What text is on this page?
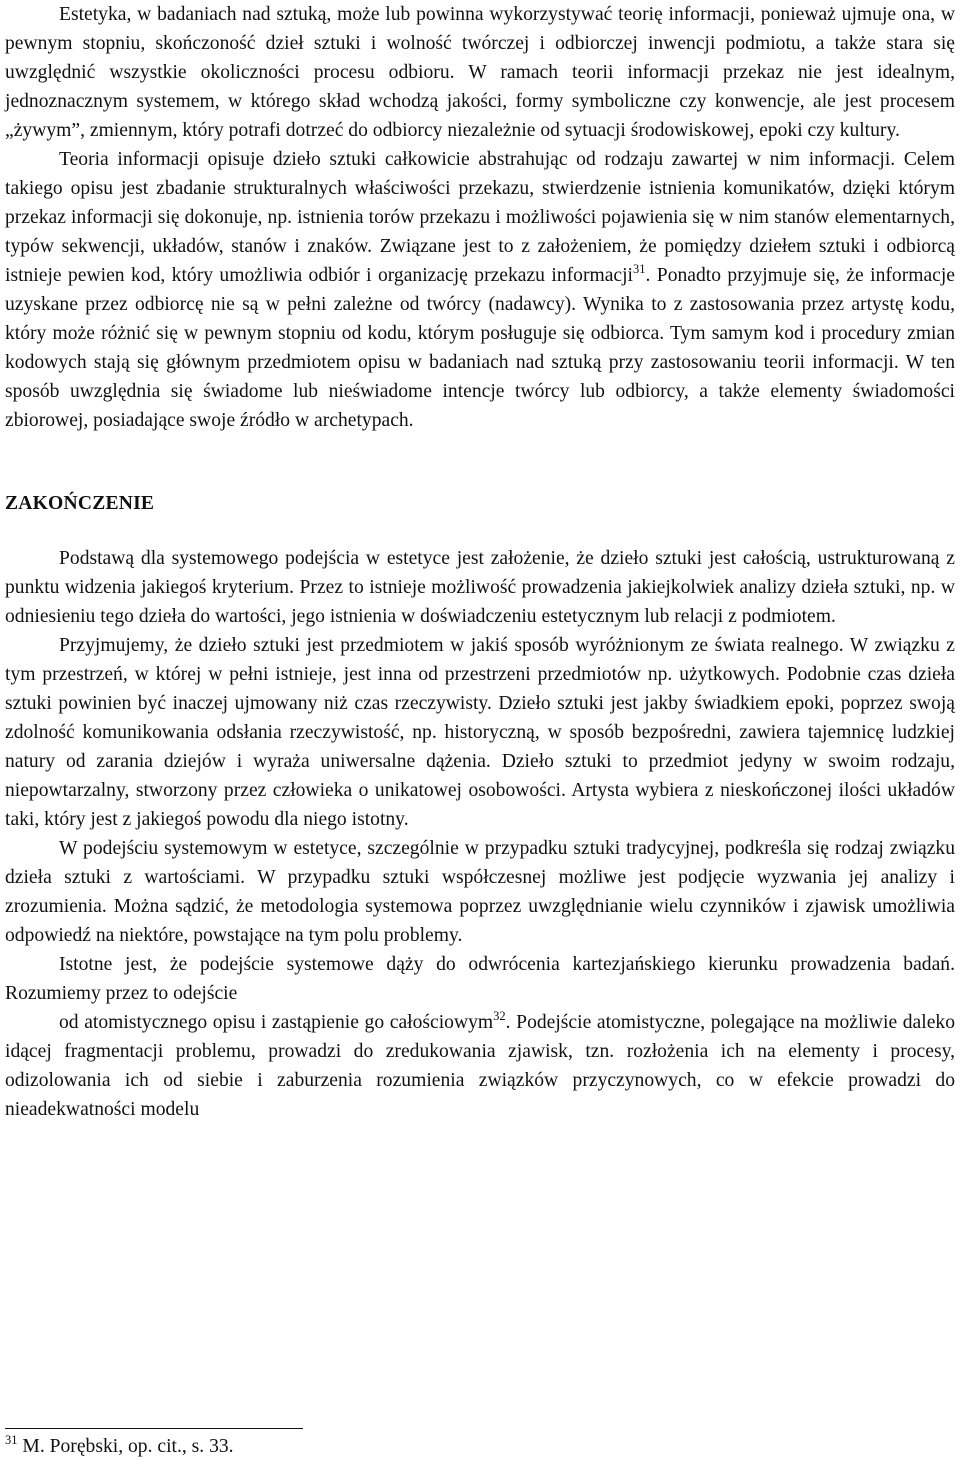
Estetyka, w badaniach nad sztuką, może lub powinna wykorzystywać teorię informacji, ponieważ ujmuje ona, w pewnym stopniu, skończoność dzieł sztuki i wolność twórczej i odbiorczej inwencji podmiotu, a także stara się uwzględnić wszystkie okoliczności procesu odbioru. W ramach teorii informacji przekaz nie jest idealnym, jednoznacznym systemem, w którego skład wchodzą jakości, formy symboliczne czy konwencje, ale jest procesem „żywym”, zmiennym, który potrafi dotrzeć do odbiorcy niezależnie od sytuacji środowiskowej, epoki czy kultury.

Teoria informacji opisuje dzieło sztuki całkowicie abstrahując od rodzaju zawartej w nim informacji. Celem takiego opisu jest zbadanie strukturalnych właściwości przekazu, stwierdzenie istnienia komunikatów, dzięki którym przekaz informacji się dokonuje, np. istnienia torów przekazu i możliwości pojawienia się w nim stanów elementarnych, typów sekwencji, układów, stanów i znaków. Związane jest to z założeniem, że pomiędzy dziełem sztuki i odbiorcą istnieje pewien kod, który umożliwia odbiór i organizację przekazu informacji$^{31}$. Ponadto przyjmuje się, że informacje uzyskane przez odbiorcę nie są w pełni zależne od twórcy (nadawcy). Wynika to z zastosowania przez artystę kodu, który może różnić się w pewnym stopniu od kodu, którym posługuje się odbiorca. Tym samym kod i procedury zmian kodowych stają się głównym przedmiotem opisu w badaniach nad sztuką przy zastosowaniu teorii informacji. W ten sposób uwzględnia się świadome lub nieświadome intencje twórcy lub odbiorcy, a także elementy świadomości zbiorowej, posiadające swoje źródło w archetypach.

ZAKOŃCZENIE

Podstawą dla systemowego podejścia w estetyce jest założenie, że dzieło sztuki jest całością, ustrukturowaną z punktu widzenia jakiegoś kryterium. Przez to istnieje możliwość prowadzenia jakiejkolwiek analizy dzieła sztuki, np. w odniesieniu tego dzieła do wartości, jego istnienia w doświadczeniu estetycznym lub relacji z podmiotem.

Przyjmujemy, że dzieło sztuki jest przedmiotem w jakiś sposób wyróżnionym ze świata realnego. W związku z tym przestrzeń, w której w pełni istnieje, jest inna od przestrzeni przedmiotów np. użytkowych. Podobnie czas dzieła sztuki powinien być inaczej ujmowany niż czas rzeczywisty. Dzieło sztuki jest jakby świadkiem epoki, poprzez swoją zdolność komunikowania odsłania rzeczywistość, np. historyczną, w sposób bezpośredni, zawiera tajemnicę ludzkiej natury od zarania dziejów i wyraża uniwersalne dążenia. Dzieło sztuki to przedmiot jedyny w swoim rodzaju, niepowtarzalny, stworzony przez człowieka o unikatowej osobowości. Artysta wybiera z nieskończonej ilości układów taki, który jest z jakiegoś powodu dla niego istotny.

W podejściu systemowym w estetyce, szczególnie w przypadku sztuki tradycyjnej, podkreśla się rodzaj związku dzieła sztuki z wartościami. W przypadku sztuki współczesnej możliwe jest podjęcie wyzwania jej analizy i zrozumienia. Można sądzić, że metodologia systemowa poprzez uwzględnianie wielu czynników i zjawisk umożliwia odpowiedź na niektóre, powstające na tym polu problemy.

Istotne jest, że podejście systemowe dąży do odwrócenia kartezjańskiego kierunku prowadzenia badań. Rozumiemy przez to odejście

od atomistycznego opisu i zastąpienie go całościowym$^{32}$. Podejście atomistyczne, polegające na możliwie daleko idącej fragmentacji problemu, prowadzi do zredukowania zjawisk, tzn. rozłożenia ich na elementy i procesy, odizolowania ich od siebie i zaburzenia rozumienia związków przyczynowych, co w efekcie prowadzi do nieadekwatności modelu

$^{31}$ M. Porębski, op. cit., s. 33.
